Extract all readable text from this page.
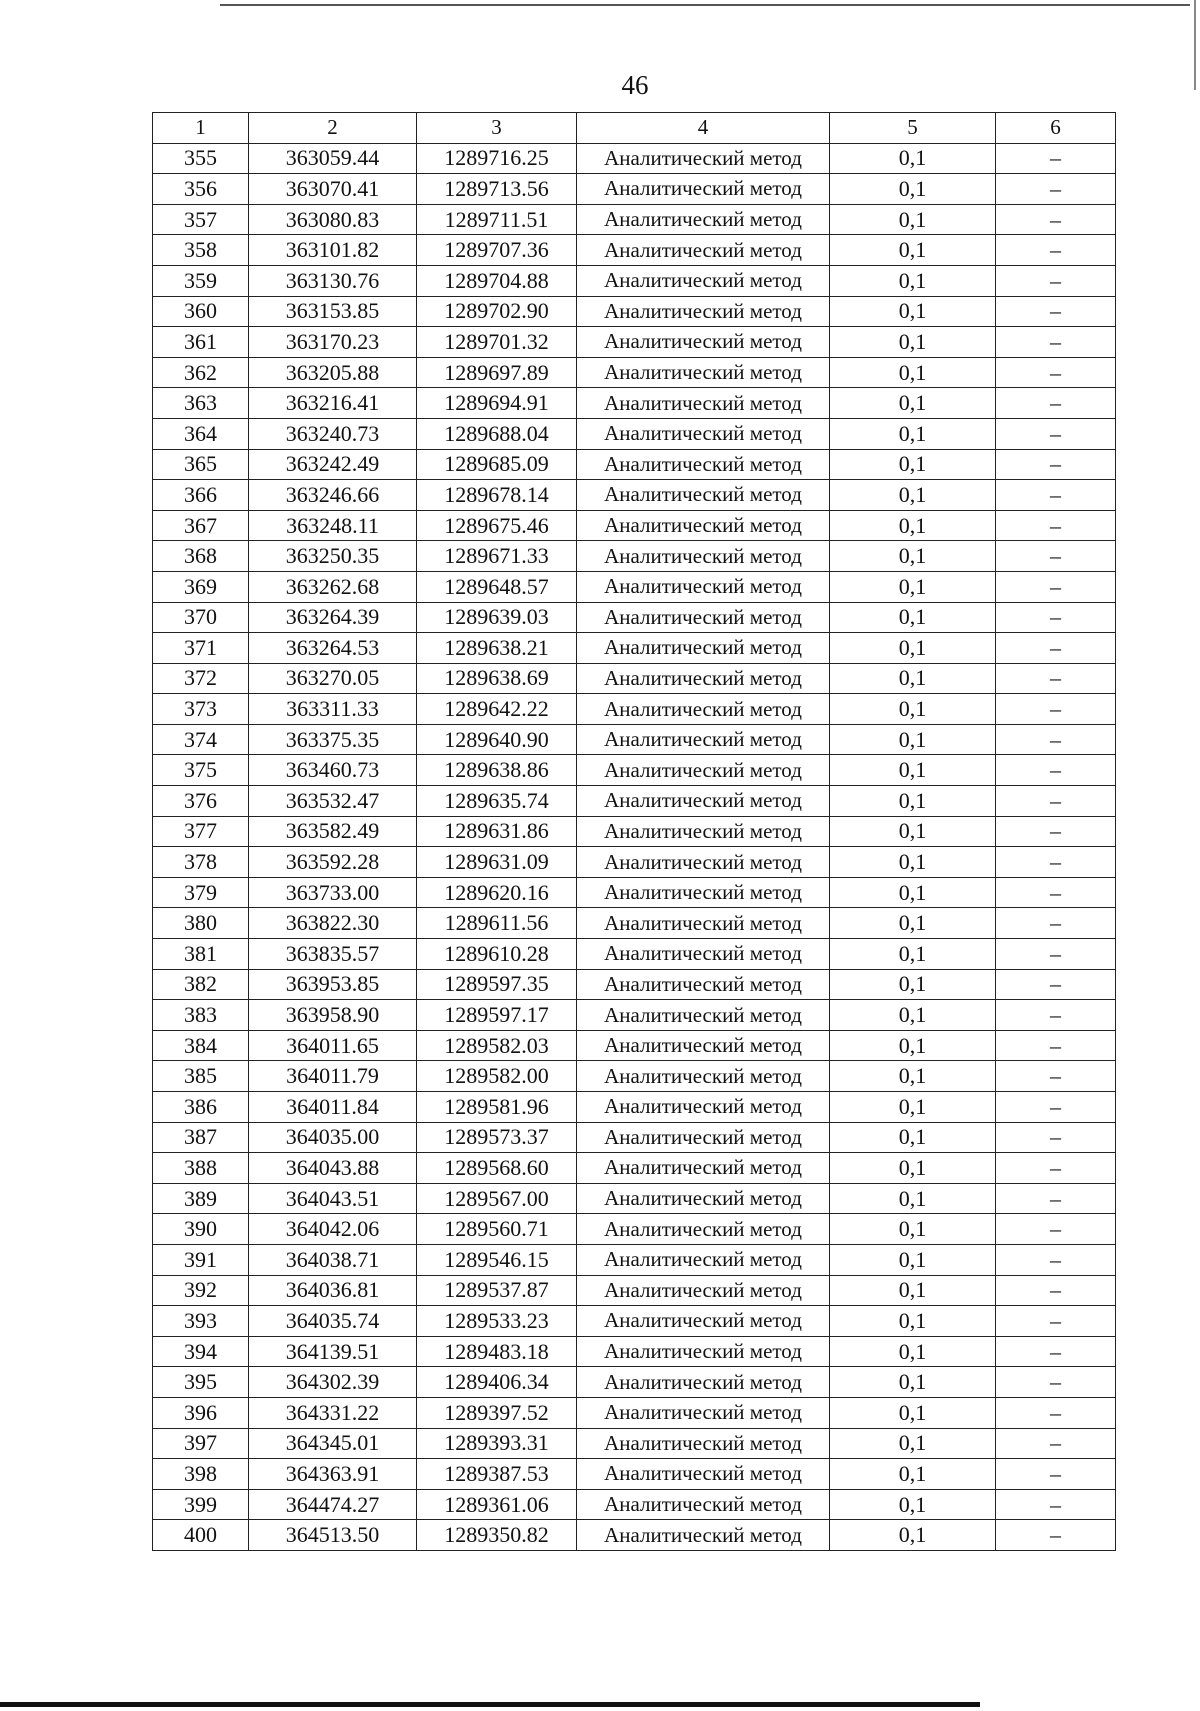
46
1	2	3	4	5	6
355	363059.44	1289716.25	Аналитический метод	0,1	–
356	363070.41	1289713.56	Аналитический метод	0,1	–
357	363080.83	1289711.51	Аналитический метод	0,1	–
358	363101.82	1289707.36	Аналитический метод	0,1	–
359	363130.76	1289704.88	Аналитический метод	0,1	–
360	363153.85	1289702.90	Аналитический метод	0,1	–
361	363170.23	1289701.32	Аналитический метод	0,1	–
362	363205.88	1289697.89	Аналитический метод	0,1	–
363	363216.41	1289694.91	Аналитический метод	0,1	–
364	363240.73	1289688.04	Аналитический метод	0,1	–
365	363242.49	1289685.09	Аналитический метод	0,1	–
366	363246.66	1289678.14	Аналитический метод	0,1	–
367	363248.11	1289675.46	Аналитический метод	0,1	–
368	363250.35	1289671.33	Аналитический метод	0,1	–
369	363262.68	1289648.57	Аналитический метод	0,1	–
370	363264.39	1289639.03	Аналитический метод	0,1	–
371	363264.53	1289638.21	Аналитический метод	0,1	–
372	363270.05	1289638.69	Аналитический метод	0,1	–
373	363311.33	1289642.22	Аналитический метод	0,1	–
374	363375.35	1289640.90	Аналитический метод	0,1	–
375	363460.73	1289638.86	Аналитический метод	0,1	–
376	363532.47	1289635.74	Аналитический метод	0,1	–
377	363582.49	1289631.86	Аналитический метод	0,1	–
378	363592.28	1289631.09	Аналитический метод	0,1	–
379	363733.00	1289620.16	Аналитический метод	0,1	–
380	363822.30	1289611.56	Аналитический метод	0,1	–
381	363835.57	1289610.28	Аналитический метод	0,1	–
382	363953.85	1289597.35	Аналитический метод	0,1	–
383	363958.90	1289597.17	Аналитический метод	0,1	–
384	364011.65	1289582.03	Аналитический метод	0,1	–
385	364011.79	1289582.00	Аналитический метод	0,1	–
386	364011.84	1289581.96	Аналитический метод	0,1	–
387	364035.00	1289573.37	Аналитический метод	0,1	–
388	364043.88	1289568.60	Аналитический метод	0,1	–
389	364043.51	1289567.00	Аналитический метод	0,1	–
390	364042.06	1289560.71	Аналитический метод	0,1	–
391	364038.71	1289546.15	Аналитический метод	0,1	–
392	364036.81	1289537.87	Аналитический метод	0,1	–
393	364035.74	1289533.23	Аналитический метод	0,1	–
394	364139.51	1289483.18	Аналитический метод	0,1	–
395	364302.39	1289406.34	Аналитический метод	0,1	–
396	364331.22	1289397.52	Аналитический метод	0,1	–
397	364345.01	1289393.31	Аналитический метод	0,1	–
398	364363.91	1289387.53	Аналитический метод	0,1	–
399	364474.27	1289361.06	Аналитический метод	0,1	–
400	364513.50	1289350.82	Аналитический метод	0,1	–
